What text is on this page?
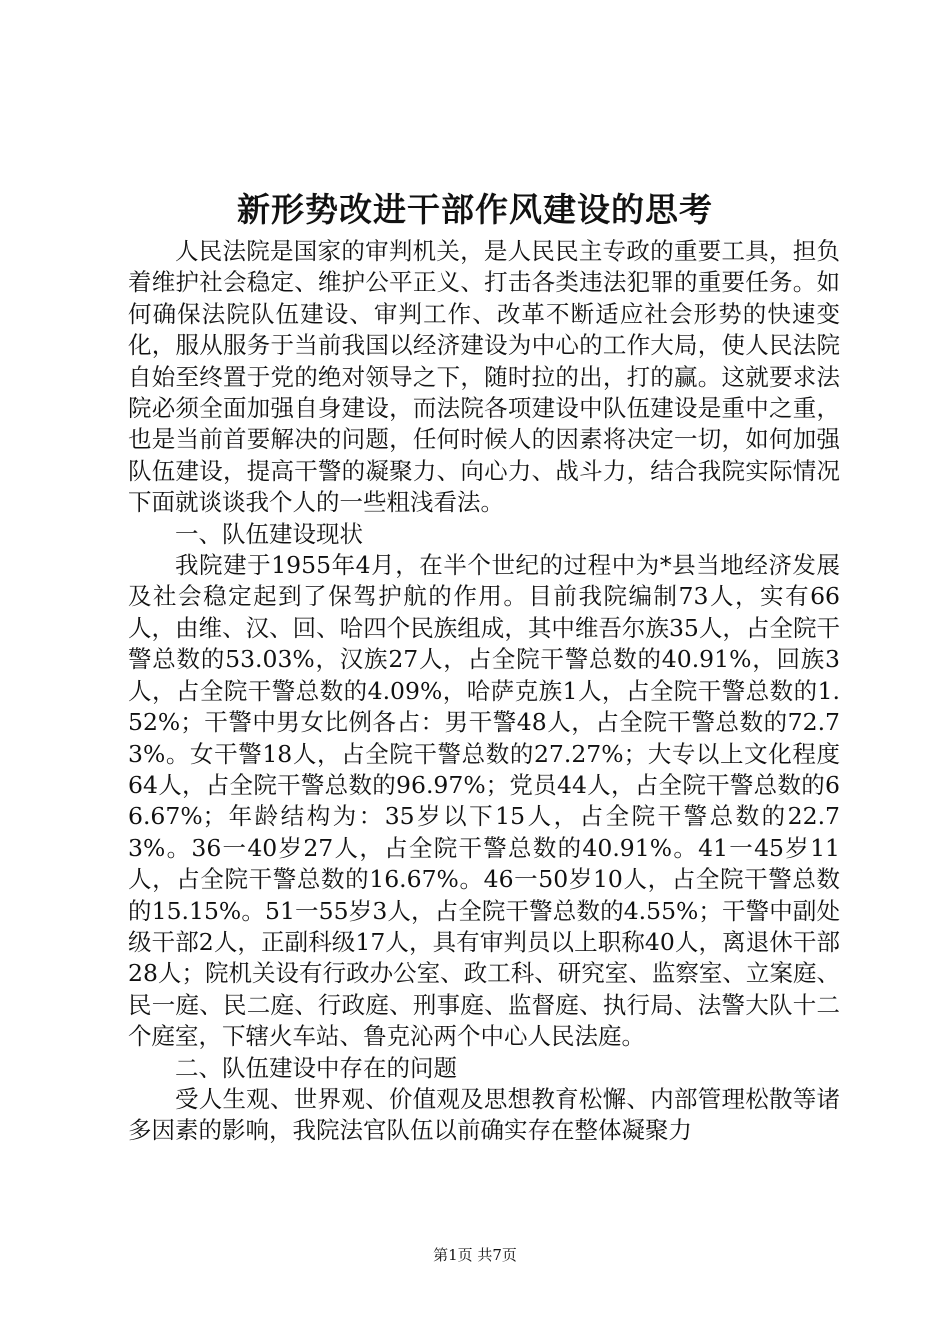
新形势改进干部作风建设的思考

人民法院是国家的审判机关，是人民民主专政的重要工具，担负着维护社会稳定、维护公平正义、打击各类违法犯罪的重要任务。如何确保法院队伍建设、审判工作、改革不断适应社会形势的快速变化，服从服务于当前我国以经济建设为中心的工作大局，使人民法院自始至终置于党的绝对领导之下，随时拉的出，打的赢。这就要求法院必须全面加强自身建设，而法院各项建设中队伍建设是重中之重，也是当前首要解决的问题，任何时候人的因素将决定一切，如何加强队伍建设，提高干警的凝聚力、向心力、战斗力，结合我院实际情况下面就谈谈我个人的一些粗浅看法。

一、队伍建设现状

我院建于1955年4月，在半个世纪的过程中为*县当地经济发展及社会稳定起到了保驾护航的作用。目前我院编制73人，实有66人，由维、汉、回、哈四个民族组成，其中维吾尔族35人，占全院干警总数的53.03%，汉族27人，占全院干警总数的40.91%，回族3人，占全院干警总数的4.09%，哈萨克族1人，占全院干警总数的1.52%；干警中男女比例各占：男干警48人，占全院干警总数的72.73%。女干警18人，占全院干警总数的27.27%；大专以上文化程度64人，占全院干警总数的96.97%；党员44人，占全院干警总数的66.67%；年龄结构为：35岁以下15人，占全院干警总数的22.73%。36一40岁27人，占全院干警总数的40.91%。41一45岁11人，占全院干警总数的16.67%。46一50岁10人，占全院干警总数的15.15%。51一55岁3人，占全院干警总数的4.55%；干警中副处级干部2人，正副科级17人，具有审判员以上职称40人，离退休干部28人；院机关设有行政办公室、政工科、研究室、监察室、立案庭、民一庭、民二庭、行政庭、刑事庭、监督庭、执行局、法警大队十二个庭室，下辖火车站、鲁克沁两个中心人民法庭。

二、队伍建设中存在的问题

受人生观、世界观、价值观及思想教育松懈、内部管理松散等诸多因素的影响，我院法官队伍以前确实存在整体凝聚力

第1页 共7页
